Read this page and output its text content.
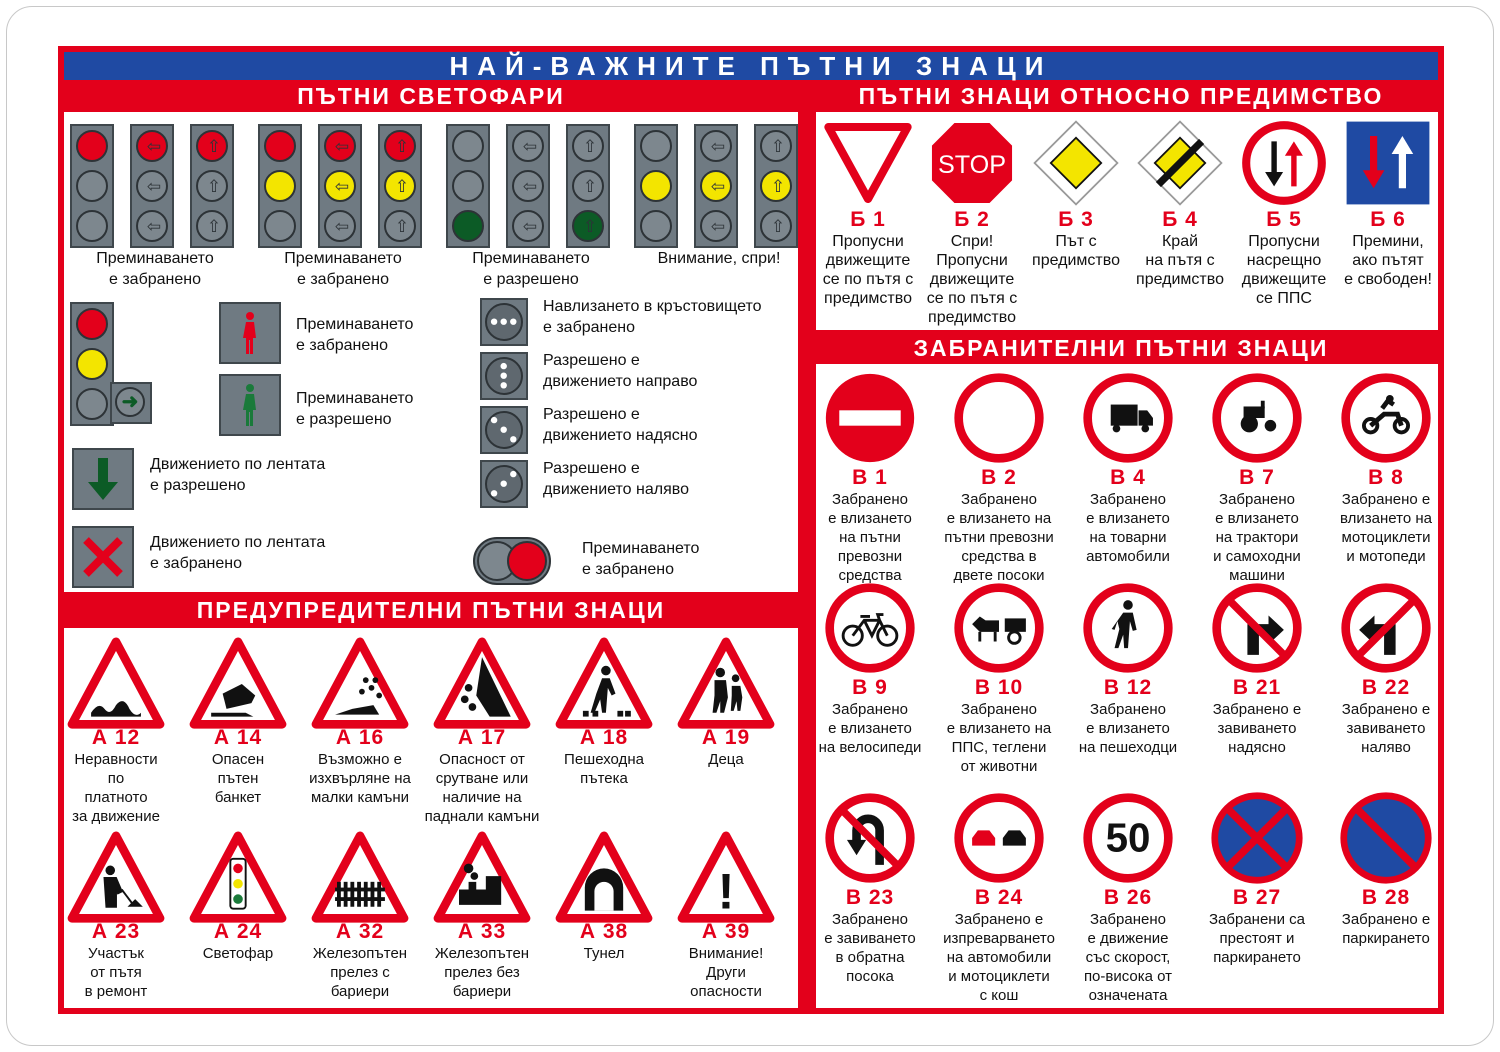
НАЙ-ВАЖНИТЕ ПЪТНИ ЗНАЦИ
ПЪТНИ СВЕТОФАРИ	ПЪТНИ ЗНАЦИ ОТНОСНО ПРЕДИМСТВО
ЗАБРАНИТЕЛНИ ПЪТНИ ЗНАЦИ
ПРЕДУПРЕДИТЕЛНИ ПЪТНИ ЗНАЦИ
⇦
⇦
⇦
⇧
⇧
⇧
Преминаването
е забранено
⇦
⇦
⇦
⇧
⇧
⇧
Преминаването
е забранено
⇦
⇦
⇦
⇧
⇧
⇧
Преминаването
е разрешено
⇦
⇦
⇦
⇧
⇧
⇧
Внимание, спри!
➜
Преминаването
е забранено
Преминаването
е разрешено
Движението по лентата
е разрешено
Движението по лентата
е забранено
Навлизането в кръстовището
е забранено
Разрешено е
движението направо
Разрешено е
движението надясно
Разрешено е
движението наляво
Преминаването
е забранено
Б 1
Пропусни
движещите
се по пътя с
предимство
STOP
Б 2
Спри!
Пропусни
движещите
се по пътя с
предимство
Б 3
Път с
предимство
Б 4
Край
на пътя с
предимство
Б 5
Пропусни
насрещно
движещите
се ППС
Б 6
Премини,
ако пътят
е свободен!
В 1
Забранено
е влизането
на пътни
превозни
средства
В 2
Забранено
е влизането на
пътни превозни
средства в
двете посоки
В 4
Забранено
е влизането
на товарни
автомобили
В 7
Забранено
е влизането
на трактори
и самоходни
машини
В 8
Забранено е
влизането на
мотоциклети
и мотопеди
В 9
Забранено
е влизането
на велосипеди
В 10
Забранено
е влизането на
ППС, теглени
от животни
В 12
Забранено
е влизането
на пешеходци
В 21
Забранено е
завиването
надясно
В 22
Забранено е
завиването
наляво
В 23
Забранено
е завиването
в обратна
посока
В 24
Забранено е
изпреварването
на автомобили
и мотоциклети
с кош
50
В 26
Забранено
е движение
със скорост,
по-висока от
означената
В 27
Забранени са
престоят и
паркирането
В 28
Забранено е
паркирането
А 12
Неравности
по
платното
за движение
А 14
Опасен
пътен
банкет
А 16
Възможно е
изхвърляне на
малки камъни
А 17
Опасност от
срутване или
наличие на
паднали камъни
А 18
Пешеходна
пътека
А 19
Деца
А 23
Участък
от пътя
в ремонт
А 24
Светофар
А 32
Железопътен
прелез с
бариери
А 33
Железопътен
прелез без
бариери
А 38
Тунел
!
А 39
Внимание!
Други
опасности
